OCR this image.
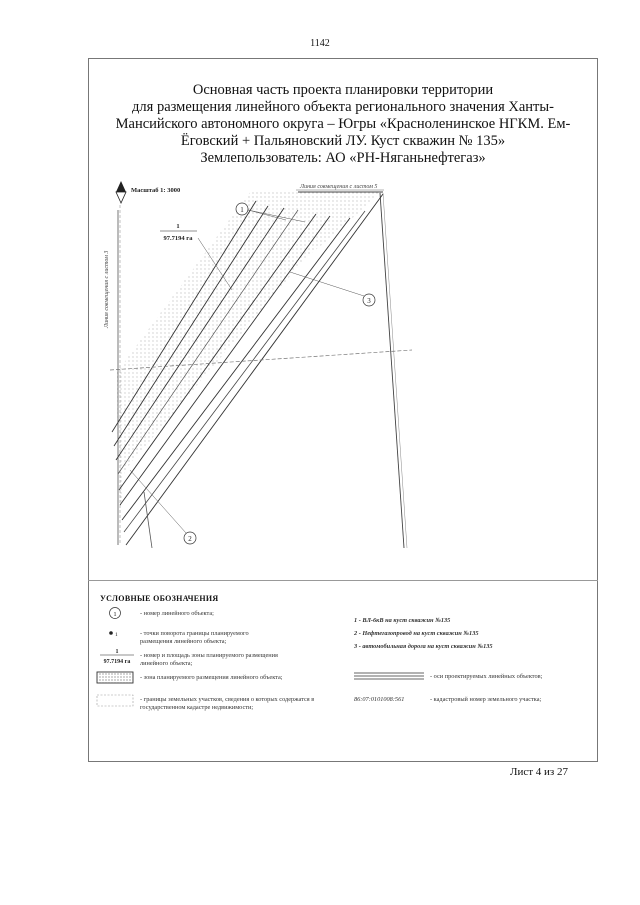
1142
Основная часть проекта планировки территории
для размещения линейного объекта регионального значения Ханты-
Мансийского автономного округа – Югры «Красноленинское НГКМ. Ем-
Ёговский + Пальяновский ЛУ. Куст скважин № 135»
Землепользователь: АО «РН-Няганьнефтегаз»
Масштаб 1: 3000	Линия совмещения с листом 5
Линия совмещения с листом 3
1
97.7194 га
1
3
2
УСЛОВНЫЕ ОБОЗНАЧЕНИЯ
1
1
1
97.7194 га
- номер линейного объекта;
- точки поворота границы планируемого размещения линейного объекта;
- номер и площадь зоны планируемого размещения линейного объекта;
- зона планируемого размещения линейного объекта;
- границы земельных участков, сведения о которых содержатся в государственном кадастре недвижимости;
1 - ВЛ-6кВ на куст скважин №135
2 - Нефтегазопровод на куст скважин №135
3 - автомобильная дорога на куст скважин №135
- оси проектируемых линейных объектов;
86:07:0101008:561	- кадастровый номер земельного участка;
Лист 4 из 27
